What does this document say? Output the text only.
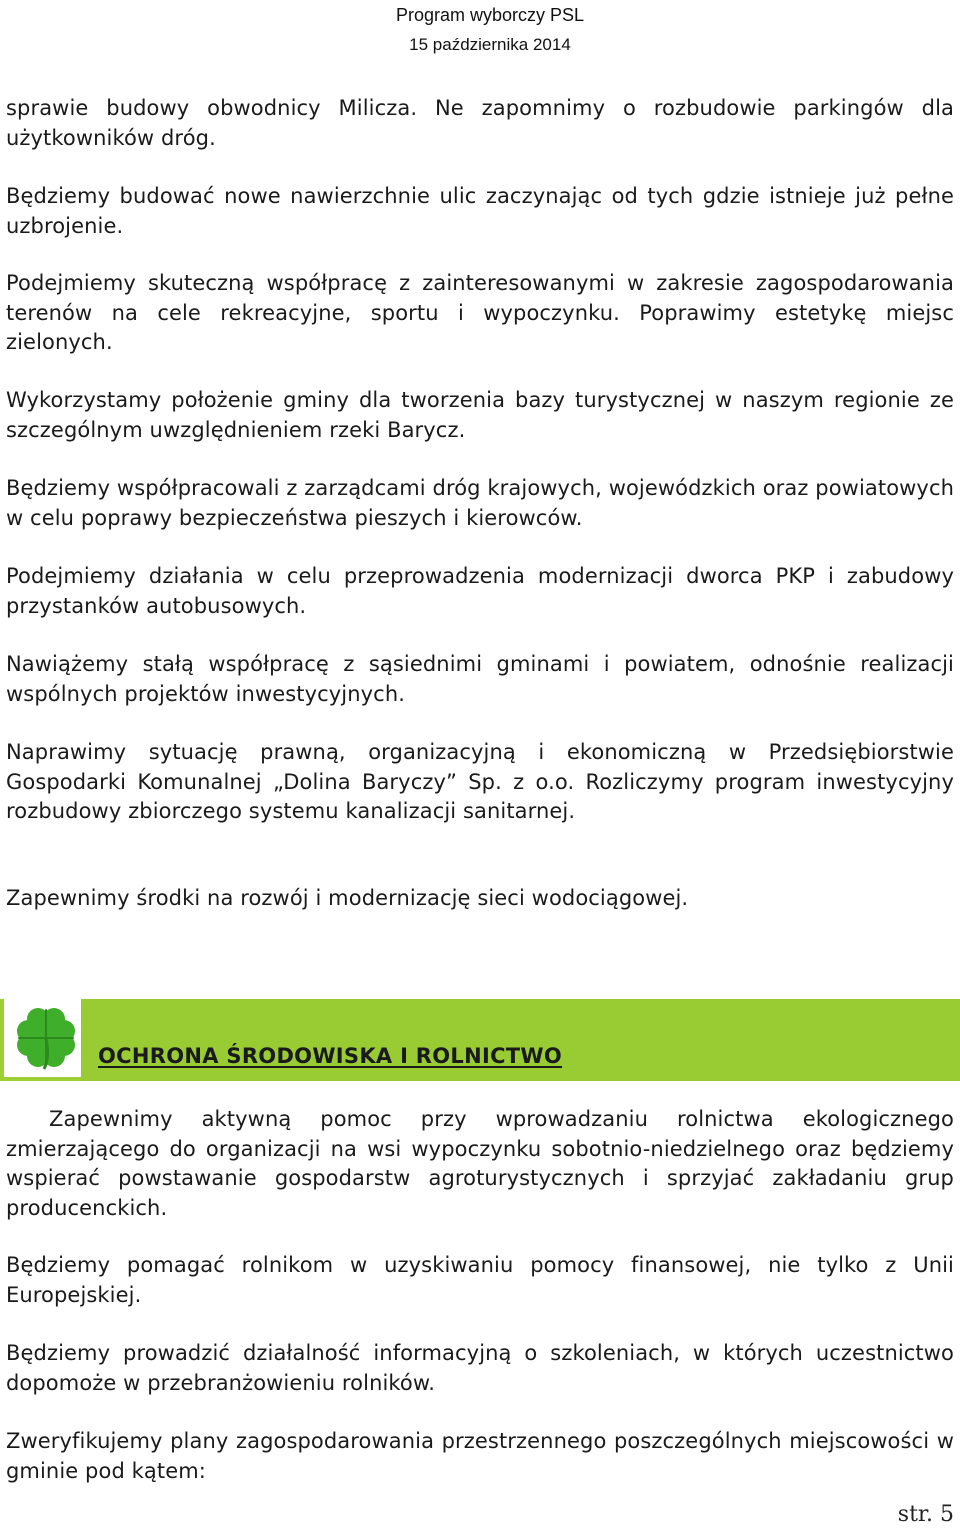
Program wyborczy PSL
15 października 2014

sprawie budowy obwodnicy Milicza. Ne zapomnimy o rozbudowie parkingów dla użytkowników dróg.

Będziemy budować nowe nawierzchnie ulic zaczynając od tych gdzie istnieje już pełne uzbrojenie.

Podejmiemy skuteczną współpracę z zainteresowanymi w zakresie zagospodarowania terenów na cele rekreacyjne, sportu i wypoczynku. Poprawimy estetykę miejsc zielonych.

Wykorzystamy położenie gminy dla tworzenia bazy turystycznej w naszym regionie ze szczególnym uwzględnieniem rzeki Barycz.

Będziemy współpracowali z zarządcami dróg krajowych, wojewódzkich oraz powiatowych w celu poprawy bezpieczeństwa pieszych i kierowców.

Podejmiemy działania w celu przeprowadzenia modernizacji dworca PKP i zabudowy przystanków autobusowych.

Nawiążemy stałą współpracę z sąsiednimi gminami i powiatem, odnośnie realizacji wspólnych projektów inwestycyjnych.

Naprawimy sytuację prawną, organizacyjną i ekonomiczną w Przedsiębiorstwie Gospodarki Komunalnej „Dolina Baryczy” Sp. z o.o. Rozliczymy program inwestycyjny rozbudowy zbiorczego systemu kanalizacji sanitarnej.

Zapewnimy środki na rozwój i modernizację sieci wodociągowej.

OCHRONA ŚRODOWISKA I ROLNICTWO

Zapewnimy aktywną pomoc przy wprowadzaniu rolnictwa ekologicznego zmierzającego do organizacji na wsi wypoczynku sobotnio-niedzielnego oraz będziemy wspierać powstawanie gospodarstw agroturystycznych i sprzyjać zakładaniu grup producenckich.

Będziemy pomagać rolnikom w uzyskiwaniu pomocy finansowej, nie tylko z Unii Europejskiej.

Będziemy prowadzić działalność informacyjną o szkoleniach, w których uczestnictwo dopomoże w przebranżowieniu rolników.

Zweryfikujemy plany zagospodarowania przestrzennego poszczególnych miejscowości w gminie pod kątem:

str. 5
